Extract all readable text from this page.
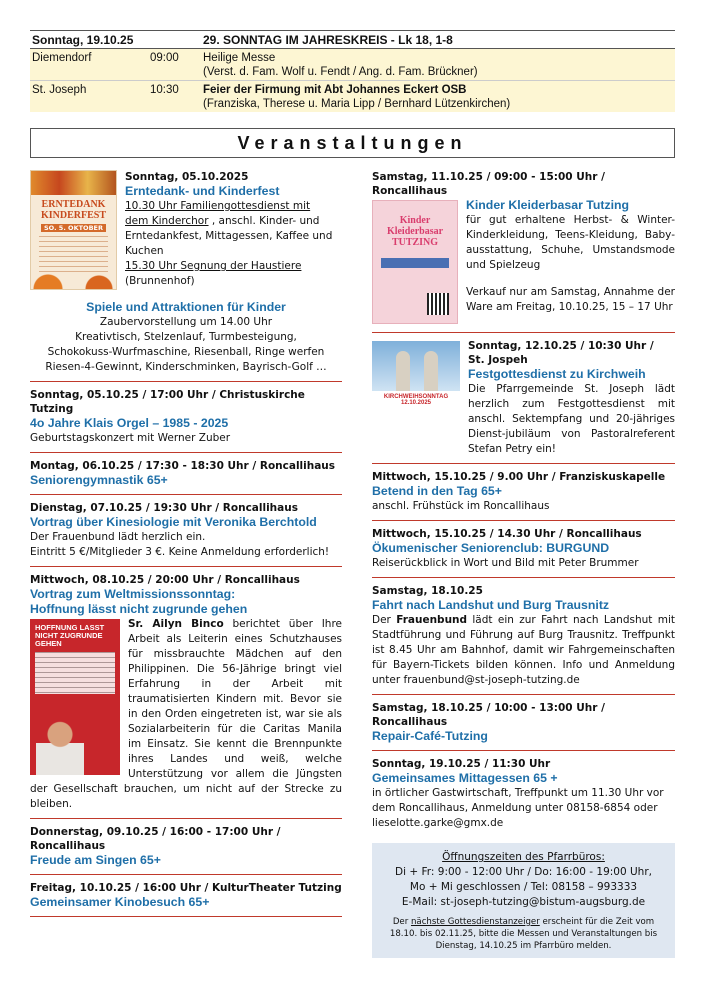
Sonntag, 19.10.25	29. SONNTAG IM JAHRESKREIS - Lk 18, 1-8
Diemendorf	09:00	Heilige Messe
(Verst. d. Fam. Wolf u. Fendt / Ang. d. Fam. Brückner)
St. Joseph	10:30	Feier der Firmung mit Abt Johannes Eckert OSB
(Franziska, Therese u. Maria Lipp / Bernhard Lützenkirchen)
Veranstaltungen
ERNTEDANK KINDERFEST
SO. 5. OKTOBER
Sonntag, 05.10.2025
Erntedank- und Kinderfest
10.30 Uhr Familiengottesdienst mit
dem Kinderchor , anschl. Kinder- und
Erntedankfest, Mittagessen, Kaffee und
Kuchen
15.30 Uhr Segnung der Haustiere
(Brunnenhof)
Spiele und Attraktionen für Kinder
Zaubervorstellung um 14.00 Uhr
Kreativtisch, Stelzenlauf, Turmbesteigung,
Schokokuss-Wurfmaschine, Riesenball, Ringe werfen
Riesen-4-Gewinnt, Kinderschminken, Bayrisch-Golf …
Sonntag, 05.10.25 / 17:00 Uhr / Christuskirche Tutzing
4o Jahre Klais Orgel – 1985 - 2025
Geburtstagskonzert mit Werner Zuber
Montag, 06.10.25 / 17:30 - 18:30 Uhr / Roncallihaus
Seniorengymnastik 65+
Dienstag, 07.10.25 / 19:30 Uhr / Roncallihaus
Vortrag über Kinesiologie mit Veronika Berchtold
Der Frauenbund lädt herzlich ein.
Eintritt 5 €/Mitglieder 3 €. Keine Anmeldung erforderlich!
Mittwoch, 08.10.25 / 20:00 Uhr / Roncallihaus
Vortrag zum Weltmissionssonntag:
Hoffnung lässt nicht zugrunde gehen
HOFFNUNG LASST NICHT ZUGRUNDE GEHEN
Sr. Ailyn Binco berichtet über Ihre Arbeit als Leiterin eines Schutzhauses für missbrauchte Mädchen auf den Philippinen. Die 56-Jährige bringt viel Erfahrung in der Arbeit mit traumatisierten Kindern mit. Bevor sie in den Orden eingetreten ist, war sie als Sozialarbeiterin für die Caritas Manila im Einsatz. Sie kennt die Brennpunkte ihres Landes und weiß, welche Unterstützung vor allem die Jüngsten der Gesellschaft brauchen, um nicht auf der Strecke zu bleiben.
Donnerstag, 09.10.25 / 16:00 - 17:00 Uhr / Roncallihaus
Freude am Singen 65+
Freitag, 10.10.25 / 16:00 Uhr / KulturTheater Tutzing
Gemeinsamer Kinobesuch 65+
Samstag, 11.10.25 / 09:00 - 15:00 Uhr / Roncallihaus
Kinder Kleiderbasar TUTZING
Kinder Kleiderbasar Tutzing
für gut erhaltene Herbst- & Winter-Kinderkleidung, Teens-Kleidung, Baby-ausstattung, Schuhe, Umstandsmode und Spielzeug
Verkauf nur am Samstag, Annahme der Ware am Freitag, 10.10.25, 15 – 17 Uhr
KIRCHWEIHSONNTAG 12.10.2025
Sonntag, 12.10.25 / 10:30 Uhr /
St. Jospeh
Festgottesdienst zu Kirchweih
Die Pfarrgemeinde St. Joseph lädt herzlich zum Festgottesdienst mit anschl. Sektempfang und 20-jähriges Dienst-jubiläum von Pastoralreferent Stefan Petry ein!
Mittwoch, 15.10.25 / 9.00 Uhr / Franziskuskapelle
Betend in den Tag 65+
anschl. Frühstück im Roncallihaus
Mittwoch, 15.10.25 / 14.30 Uhr / Roncallihaus
Ökumenischer Seniorenclub: BURGUND
Reiserückblick in Wort und Bild mit Peter Brummer
Samstag, 18.10.25
Fahrt nach Landshut und Burg Trausnitz
Der Frauenbund lädt ein zur Fahrt nach Landshut mit Stadtführung und Führung auf Burg Trausnitz. Treffpunkt ist 8.45 Uhr am Bahnhof, damit wir Fahrgemeinschaften für Bayern-Tickets bilden können. Info und Anmeldung unter frauenbund@st-joseph-tutzing.de
Samstag, 18.10.25 / 10:00 - 13:00 Uhr / Roncallihaus
Repair-Café-Tutzing
Sonntag, 19.10.25 / 11:30 Uhr
Gemeinsames Mittagessen 65 +
in örtlicher Gastwirtschaft, Treffpunkt um 11.30 Uhr vor dem Roncallihaus, Anmeldung unter 08158-6854 oder lieselotte.garke@gmx.de
Öffnungszeiten des Pfarrbüros:
Di + Fr: 9:00 - 12:00 Uhr / Do: 16:00 - 19:00 Uhr,
Mo + Mi geschlossen / Tel: 08158 – 993333
E-Mail: st-joseph-tutzing@bistum-augsburg.de
Der nächste Gottesdienstanzeiger erscheint für die Zeit vom 18.10. bis 02.11.25, bitte die Messen und Veranstaltungen bis Dienstag, 14.10.25 im Pfarrbüro melden.
